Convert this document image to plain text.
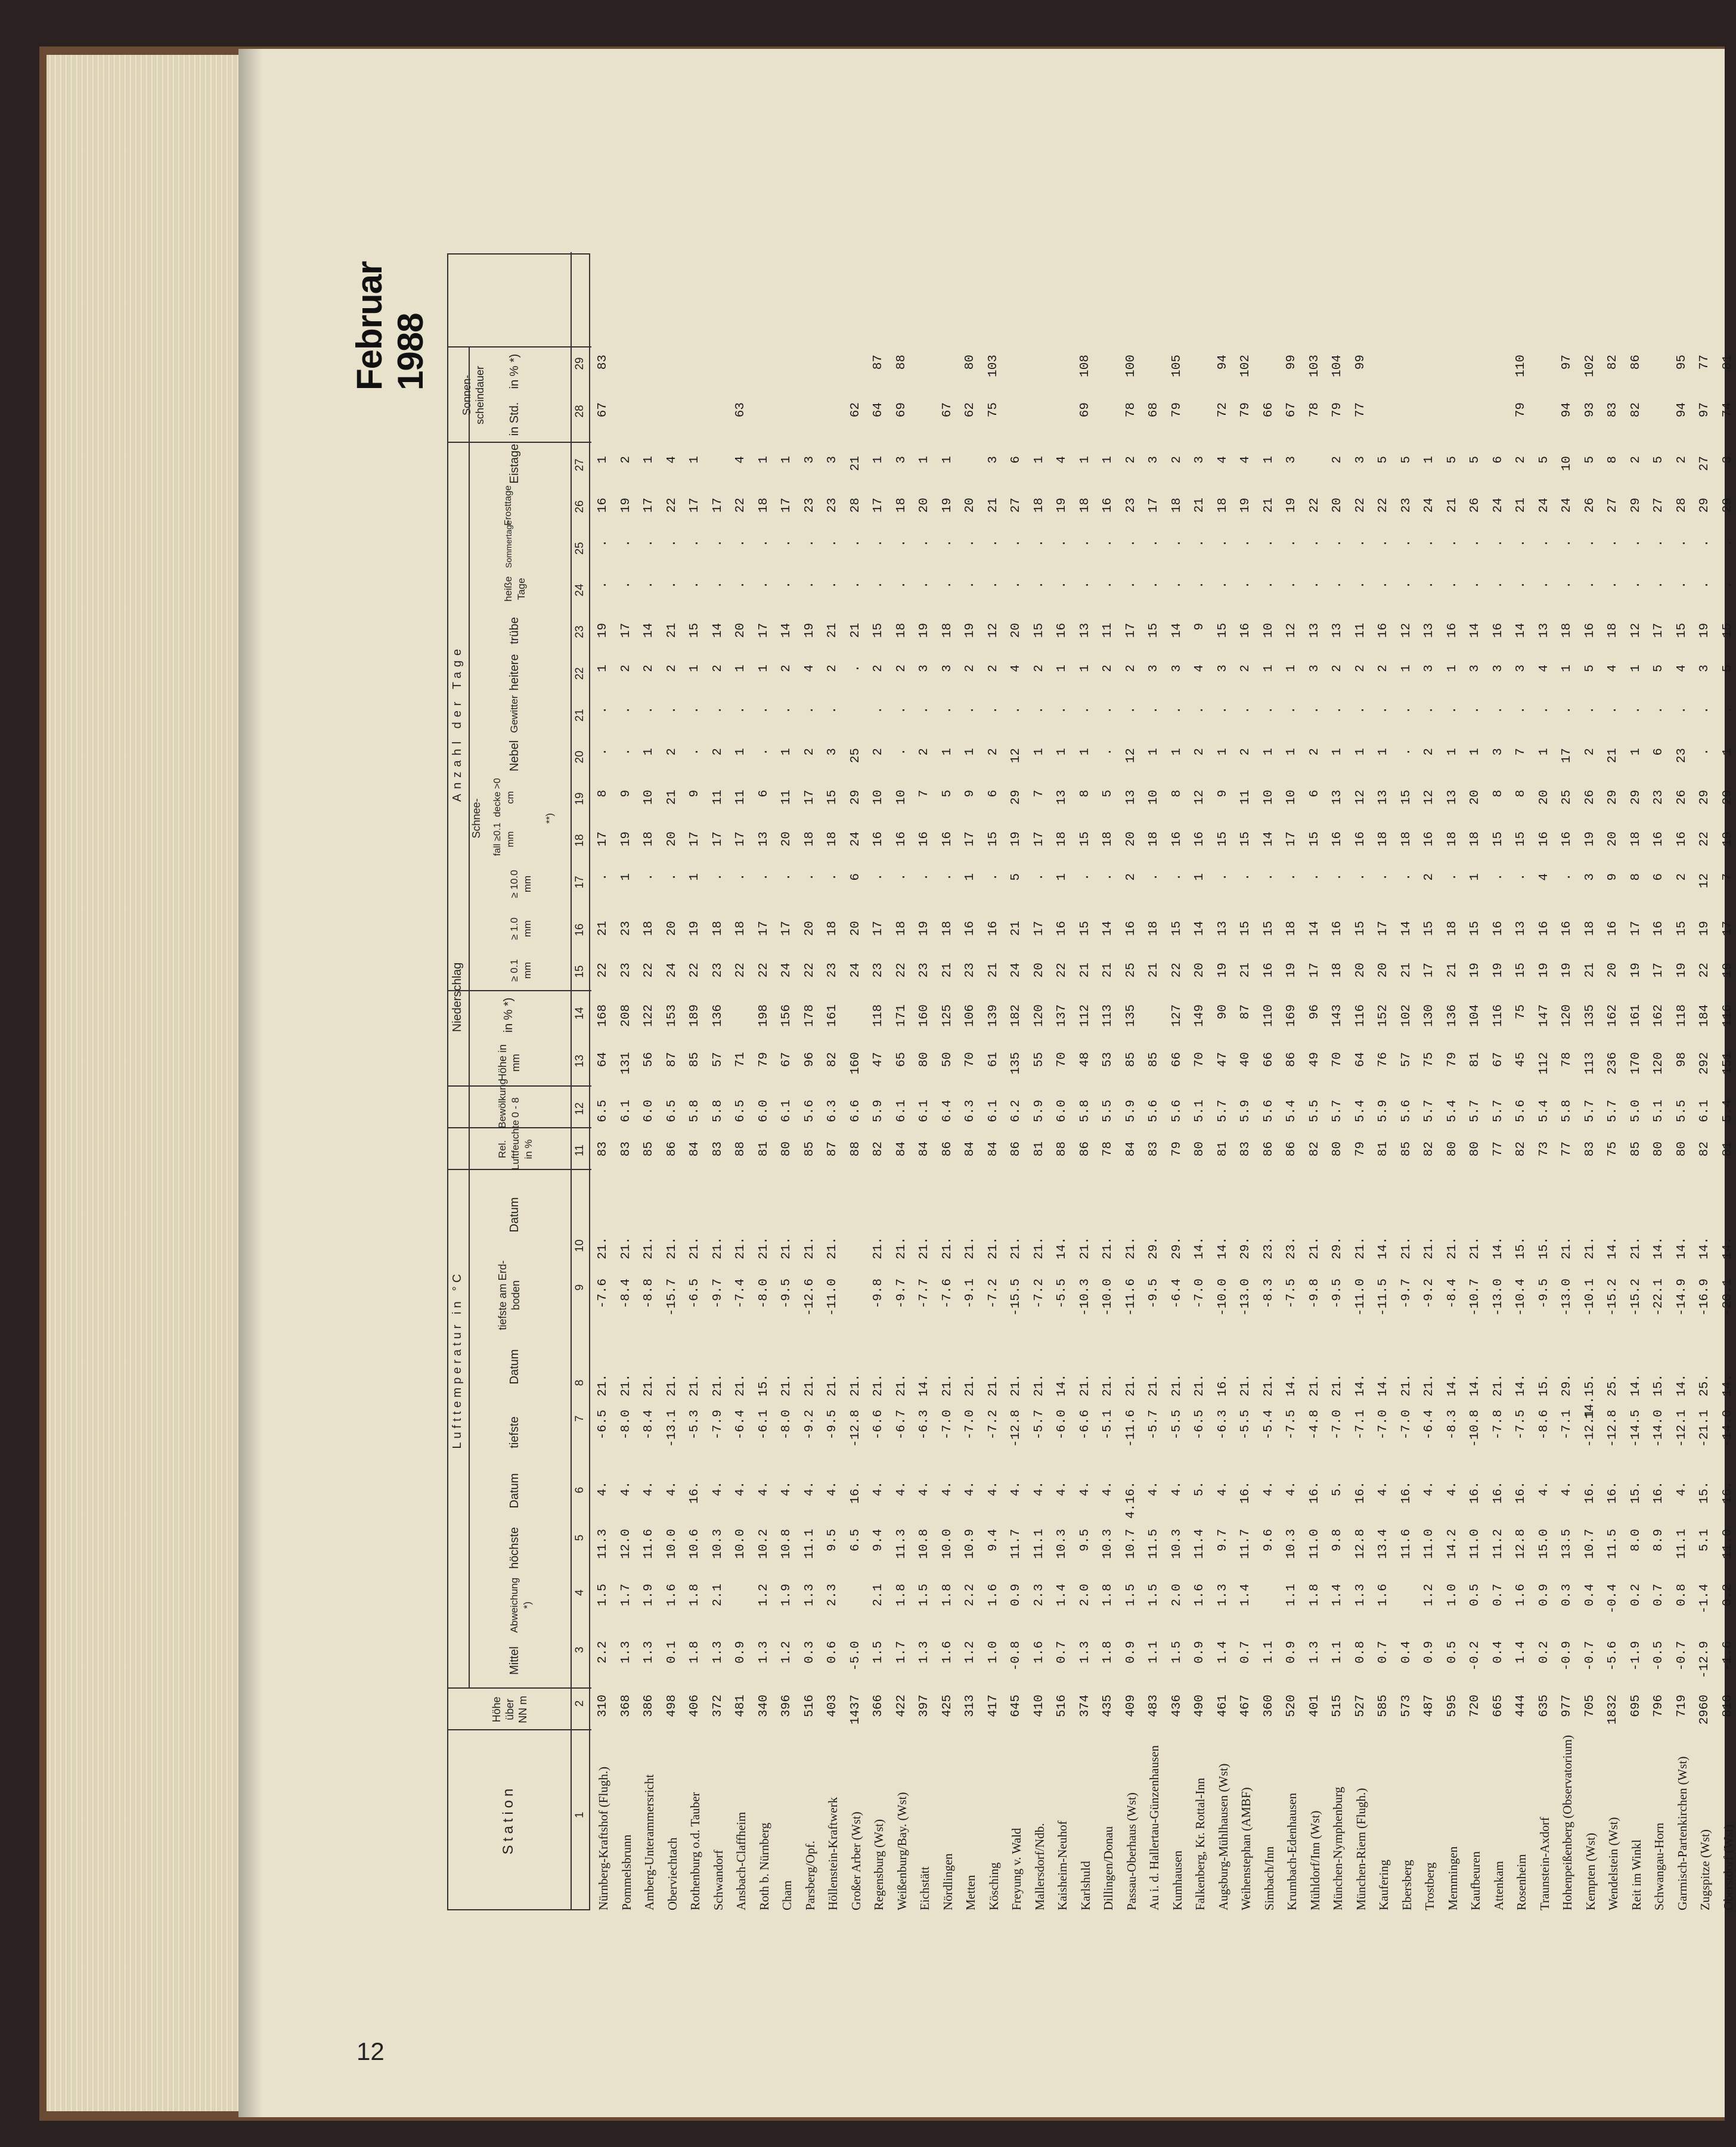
12
Februar 1988
Station
Höhe über NN m
Lufttemperatur in °C
Mittel
Abweichung *)
höchste
Datum
tiefste
Datum
tiefste am Erd- boden
Datum
Rel. Luftfeuchte in %
Bewölkung 0 - 8
Niederschlag
Höhe in mm
in % *)
Anzahl der Tage
≥ 0.1 mm
≥ 1.0 mm
≥ 10.0 mm
Schnee-
fall ≥0.1 mm
decke >0 cm
**)
Nebel
Gewitter
heitere
trübe
heiße Tage
Sommertage
Frosttage
Eistage
Sonnen- scheindauer in Std.
in % *)
1
2
3
4
5
6
7
8
9
10
11
12
13
14
15
16
17
18
19
20
21
22
23
24
25
26
27
28
29
Nürnberg-Kraftshof (Flugh.)
310
2.2
1.5
11.3
4.
-6.5
21.
-7.6
21.
83
6.5
64
168
22
21
.
17
8
.
.
1
19
.
.
16
1
67
83
Pommelsbrunn
368
1.3
1.7
12.0
4.
-8.0
21.
-8.4
21.
83
6.1
131
208
23
23
1
19
9
.
.
2
17
.
.
19
2
Amberg-Unterammersricht
386
1.3
1.9
11.6
4.
-8.4
21.
-8.8
21.
85
6.0
56
122
22
18
.
18
10
1
.
2
14
.
.
17
1
Oberviechtach
498
0.1
1.6
10.0
4.
-13.1
21.
-15.7
21.
86
6.5
87
153
24
20
.
20
21
2
.
2
21
.
.
22
4
Rothenburg o.d. Tauber
406
1.8
1.8
10.6
16.
-5.3
21.
-6.5
21.
84
5.8
85
189
22
19
1
17
9
.
.
1
15
.
.
17
1
Schwandorf
372
1.3
2.1
10.3
4.
-7.9
21.
-9.7
21.
83
5.8
57
136
23
18
.
17
11
2
.
2
14
.
.
17

Ansbach-Claffheim
481
0.9
10.0
4.
-6.4
21.
-7.4
21.
88
6.5
71
22
18
.
17
11
1
.
1
20
.
.
22
4
63
Roth b. Nürnberg
340
1.3
1.2
10.2
4.
-6.1
15.
-8.0
21.
81
6.0
79
198
22
17
.
13
6
.
.
1
17
.
.
18
1
Cham
396
1.2
1.9
10.8
4.
-8.0
21.
-9.5
21.
80
6.1
67
156
24
17
.
20
11
1
.
2
14
.
.
17
1
Parsberg/Opf.
516
0.3
1.3
11.1
4.
-9.2
21.
-12.6
21.
85
5.6
96
178
22
20
.
18
17
2
.
4
19
.
.
23
3
Höllenstein-Kraftwerk
403
0.6
2.3
9.5
4.
-9.5
21.
-11.0
21.
87
6.3
82
161
23
18
.
18
15
3
.
2
21
.
.
23
3
Großer Arber (Wst)
1437
-5.0
6.5
16.
-12.8
21.
88
6.6
160
24
20
6
24
29
25
.
21
.
.
28
21
62
Regensburg (Wst)
366
1.5
2.1
9.4
4.
-6.6
21.
-9.8
21.
82
5.9
47
118
23
17
.
16
10
2
.
2
15
.
.
17
1
64
87
Weißenburg/Bay. (Wst)
422
1.7
1.8
11.3
4.
-6.7
21.
-9.7
21.
84
6.1
65
171
22
18
.
16
10
.
.
2
18
.
.
18
3
69
88
Eichstätt
397
1.3
1.5
10.8
4.
-6.3
14.
-7.7
21.
84
6.1
80
160
23
19
.
16
7
2
.
3
19
.
.
20
1
Nördlingen
425
1.6
1.8
10.0
4.
-7.0
21.
-7.6
21.
86
6.4
50
125
21
18
.
16
5
1
.
3
18
.
.
19
1
67
Metten
313
1.2
2.2
10.9
4.
-7.0
21.
-9.1
21.
84
6.3
70
106
23
16
1
17
9
1
.
2
19
.
.
20
62
80
Kösching
417
1.0
1.6
9.4
4.
-7.2
21.
-7.2
21.
84
6.1
61
139
21
16
.
15
6
2
.
2
12
.
.
21
3
75
103
Freyung v. Wald
645
-0.8
0.9
11.7
4.
-12.8
21.
-15.5
21.
86
6.2
135
182
24
21
5
19
29
12
.
4
20
.
.
27
6
Mallersdorf/Ndb.
410
1.6
2.3
11.1
4.
-5.7
21.
-7.2
21.
81
5.9
55
120
20
17
.
17
7
1
.
2
15
.
.
18
1
Kaisheim-Neuhof
516
0.7
1.4
10.3
4.
-6.0
14.
-5.5
14.
88
6.0
70
137
22
16
1
18
13
1
.
1
16
.
.
19
4
Karlshuld
374
1.3
2.0
9.5
4.
-6.6
21.
-10.3
21.
86
5.8
48
112
21
15
.
15
8
1
.
1
13
.
.
18
1
69
108
Dillingen/Donau
435
1.8
1.8
10.3
4.
-5.1
21.
-10.0
21.
78
5.5
53
113
21
14
.
18
5
.
.
2
11
.
.
16
1
Passau-Oberhaus (Wst)
409
0.9
1.5
10.7
4.16.
-11.6
21.
-11.6
21.
84
5.9
85
135
25
16
2
20
13
12
.
2
17
.
.
23
2
78
100
Au i. d. Hallertau-Günzenhausen
483
1.1
1.5
11.5
4.
-5.7
21.
-9.5
29.
83
5.6
85
21
18
.
18
10
1
.
3
15
.
.
17
3
68
Kumhausen
436
1.5
2.0
10.3
4.
-5.5
21.
-6.4
29.
79
5.6
66
127
22
15
.
16
8
1
.
3
14
.
.
18
2
79
105
Falkenberg, Kr. Rottal-Inn
490
0.9
1.6
11.4
5.
-6.5
21.
-7.0
14.
80
5.1
70
149
20
14
1
16
12
2
.
4
9
.
.
21
3
Augsburg-Mühlhausen (Wst)
461
1.4
1.3
9.7
4.
-6.3
16.
-10.0
14.
81
5.7
47
90
19
13
.
15
9
1
.
3
15
.
.
18
4
72
94
Weihenstephan (AMBF)
467
0.7
1.4
11.7
16.
-5.5
21.
-13.0
29.
83
5.9
40
87
21
15
.
15
11
2
.
2
16
.
.
19
4
79
102
Simbach/Inn
360
1.1
9.6
4.
-5.4
21.
-8.3
23.
86
5.6
66
110
16
15
.
14
10
1
.
1
10
.
.
21
1
66
Krumbach-Edenhausen
520
0.9
1.1
10.3
4.
-7.5
14.
-7.5
23.
86
5.4
86
169
19
18
.
17
10
1
.
1
12
.
.
19
3
67
99
Mühldorf/Inn (Wst)
401
1.3
1.8
11.0
16.
-4.8
21.
-9.8
21.
82
5.5
49
96
17
14
.
15
6
2
.
3
13
.
.
22
78
103
München-Nymphenburg
515
1.1
1.4
9.8
5.
-7.0
21.
-9.5
29.
80
5.7
70
143
18
16
.
16
13
1
.
2
13
.
.
20
2
79
104
München-Riem (Flugh.)
527
0.8
1.3
12.8
16.
-7.1
14.
-11.0
21.
79
5.4
64
116
20
15
.
16
12
1
.
2
11
.
.
22
3
77
99
Kaufering
585
0.7
1.6
13.4
4.
-7.0
14.
-11.5
14.
81
5.9
76
152
20
17
.
18
13
1
.
2
16
.
.
22
5
Ebersberg
573
0.4
11.6
16.
-7.0
21.
-9.7
21.
85
5.6
57
102
21
14
.
18
15
.
.
1
12
.
.
23
5
Trostberg
487
0.9
1.2
11.0
4.
-6.4
21.
-9.2
21.
82
5.7
75
130
17
15
2
16
12
2
.
3
13
.
.
24
1
Memmingen
595
0.5
1.0
14.2
4.
-8.3
14.
-8.4
21.
80
5.4
79
136
21
18
.
18
13
1
.
1
16
.
.
21
5
Kaufbeuren
720
-0.2
0.5
11.0
16.
-10.8
14.
-10.7
21.
80
5.7
81
104
19
15
1
18
20
1
.
3
14
.
.
26
5
Attenkam
665
0.4
0.7
11.2
16.
-7.8
21.
-13.0
14.
77
5.7
67
116
19
16
.
15
8
3
.
3
16
.
.
24
6
Rosenheim
444
1.4
1.6
12.8
16.
-7.5
14.
-10.4
15.
82
5.6
45
75
15
13
.
15
8
7
.
3
14
.
.
21
2
79
110
Traunstein-Axdorf
635
0.2
0.9
15.0
4.
-8.6
15.
-9.5
15.
73
5.4
112
147
19
16
4
16
20
1
.
4
13
.
.
24
5
Hohenpeißenberg (Observatorium)
977
-0.9
0.3
13.5
4.
-7.1
29.
-13.0
21.
77
5.8
78
120
19
16
.
16
25
17
.
1
18
.
.
24
10
94
97
Kempten (Wst)
705
-0.7
0.4
10.7
16.
-12.1
14.15.
-10.1
21.
83
5.7
113
135
21
18
3
19
26
2
.
5
16
.
.
26
5
93
102
Wendelstein (Wst)
1832
-5.6
-0.4
11.5
16.
-12.8
25.
-15.2
14.
75
5.7
236
162
20
16
9
20
29
21
.
4
18
.
.
27
8
83
82
Reit im Winkl
695
-1.9
0.2
8.0
15.
-14.5
14.
-15.2
21.
85
5.0
170
161
19
17
8
18
29
1
.
1
12
.
.
29
2
82
86
Schwangau-Horn
796
-0.5
0.7
8.9
16.
-14.0
15.
-22.1
14.
80
5.1
120
162
17
16
6
16
23
6
.
5
17
.
.
27
5
Garmisch-Partenkirchen (Wst)
719
-0.7
0.8
11.1
4.
-12.1
14.
-14.9
14.
80
5.5
98
118
19
15
2
16
26
23
.
4
15
.
.
28
2
94
95
Zugspitze (Wst)
2960
-12.9
-1.4
5.1
15.
-21.1
25.
-16.9
14.
82
6.1
292
184
22
19
12
22
29
.
.
3
19
.
.
29
27
97
77
Oberstdorf (Wst)
810
-1.6
0.2
11.0
16.
-14.0
14.
-20.1
14.
81
5.4
151
116
19
17
7
19
29
1
.
5
15
.
.
29
3
74
81
